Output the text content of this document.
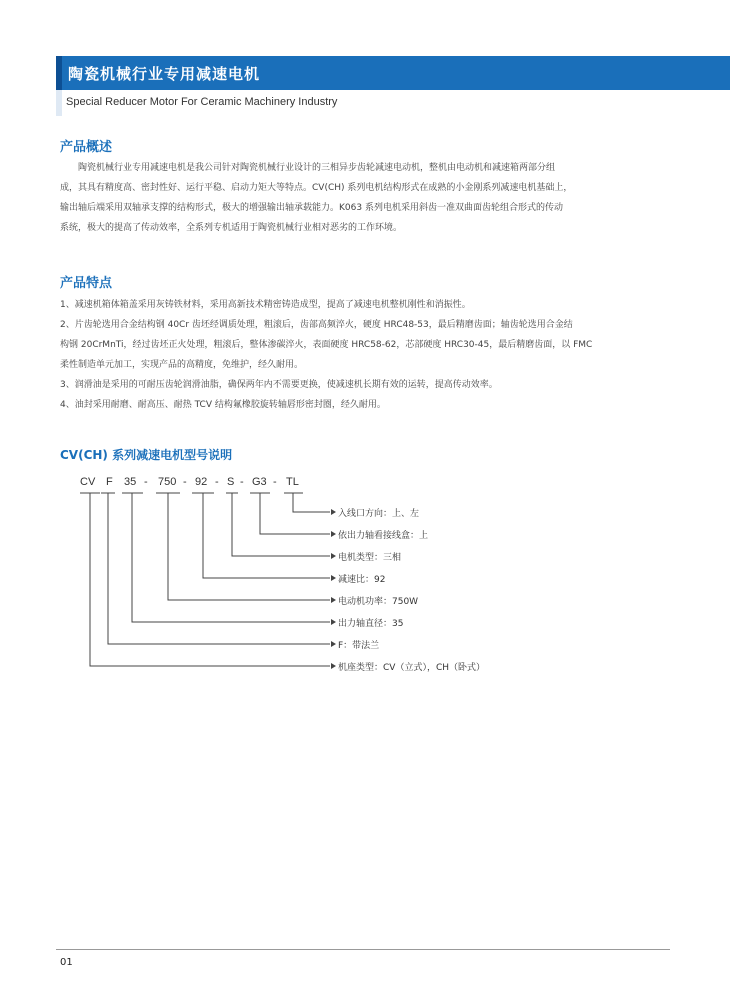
陶瓷机械行业专用减速电机
Special Reducer Motor For Ceramic Machinery Industry
产品概述

陶瓷机械行业专用减速电机是我公司针对陶瓷机械行业设计的三相异步齿轮减速电动机，整机由电动机和减速箱两部分组

成，其具有精度高、密封性好、运行平稳、启动力矩大等特点。CV(CH) 系列电机结构形式在成熟的小金刚系列减速电机基础上，

输出轴后端采用双轴承支撑的结构形式，极大的增强输出轴承载能力。K063 系列电机采用斜齿一准双曲面齿轮组合形式的传动

系统，极大的提高了传动效率，全系列专机适用于陶瓷机械行业相对恶劣的工作环境。

产品特点

1、减速机箱体箱盖采用灰铸铁材料，采用高新技术精密铸造成型，提高了减速电机整机刚性和消振性。

2、片齿轮选用合金结构钢 40Cr 齿坯经调质处理，粗滚后，齿部高频淬火，硬度 HRC48-53，最后精磨齿面；轴齿轮选用合金结

构钢 20CrMnTi，经过齿坯正火处理，粗滚后，整体渗碳淬火，表面硬度 HRC58-62，芯部硬度 HRC30-45，最后精磨齿面，以 FMC

柔性制造单元加工，实现产品的高精度，免维护，经久耐用。

3、润滑油是采用的可耐压齿轮润滑油脂，确保两年内不需要更换，使减速机长期有效的运转，提高传动效率。

4、油封采用耐磨、耐高压、耐热 TCV 结构氟橡胶旋转轴唇形密封圈，经久耐用。

CV(CH) 系列减速电机型号说明
CV F 35 - 750 - 92 - S - G3 - TL
入线口方向：上、左
依出力轴看接线盒：上
电机类型：三相
减速比：92
电动机功率：750W
出力轴直径：35
F：带法兰
机座类型：CV（立式），CH（卧式）
01
